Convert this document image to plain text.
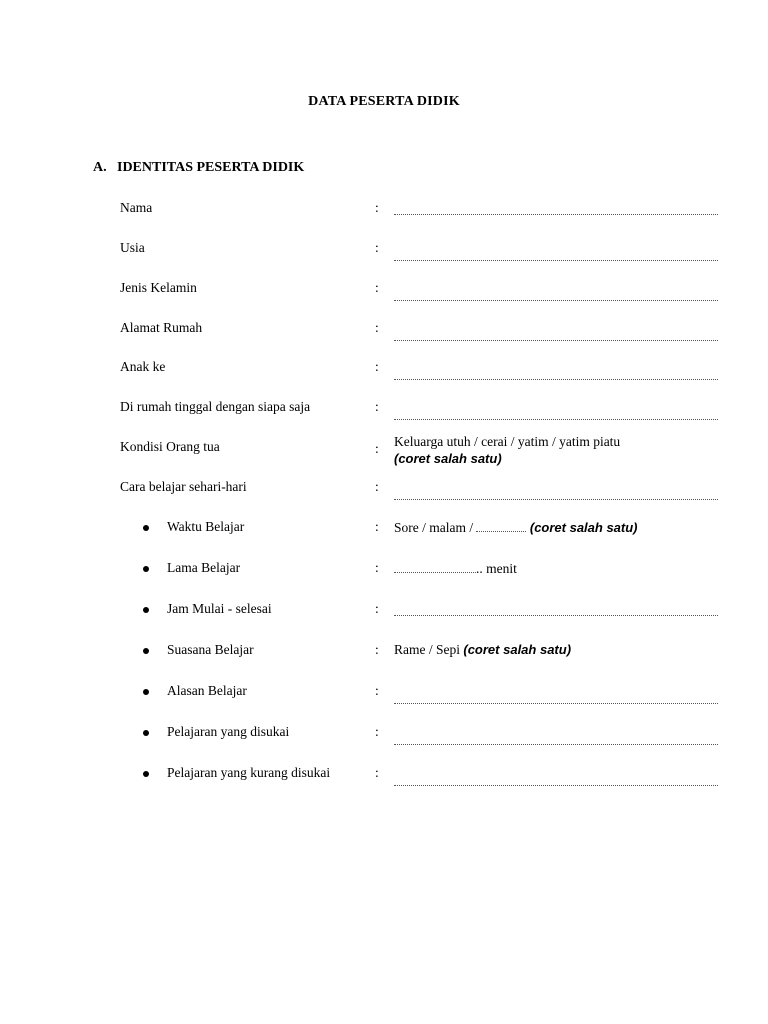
DATA PESERTA DIDIK
A. IDENTITAS PESERTA DIDIK
Nama	:
Usia	:
Jenis Kelamin	:
Alamat Rumah	:
Anak ke	:
Di rumah tinggal dengan siapa saja	:
Kondisi Orang tua	: Keluarga utuh / cerai / yatim / yatim piatu
(coret salah satu)
Cara belajar sehari-hari	:
Waktu Belajar	: Sore / malam /	(coret salah satu)
Lama Belajar	:	.. menit
Jam Mulai - selesai	:
Suasana Belajar	: Rame / Sepi (coret salah satu)
Alasan Belajar	:
Pelajaran yang disukai	:
Pelajaran yang kurang disukai	:
